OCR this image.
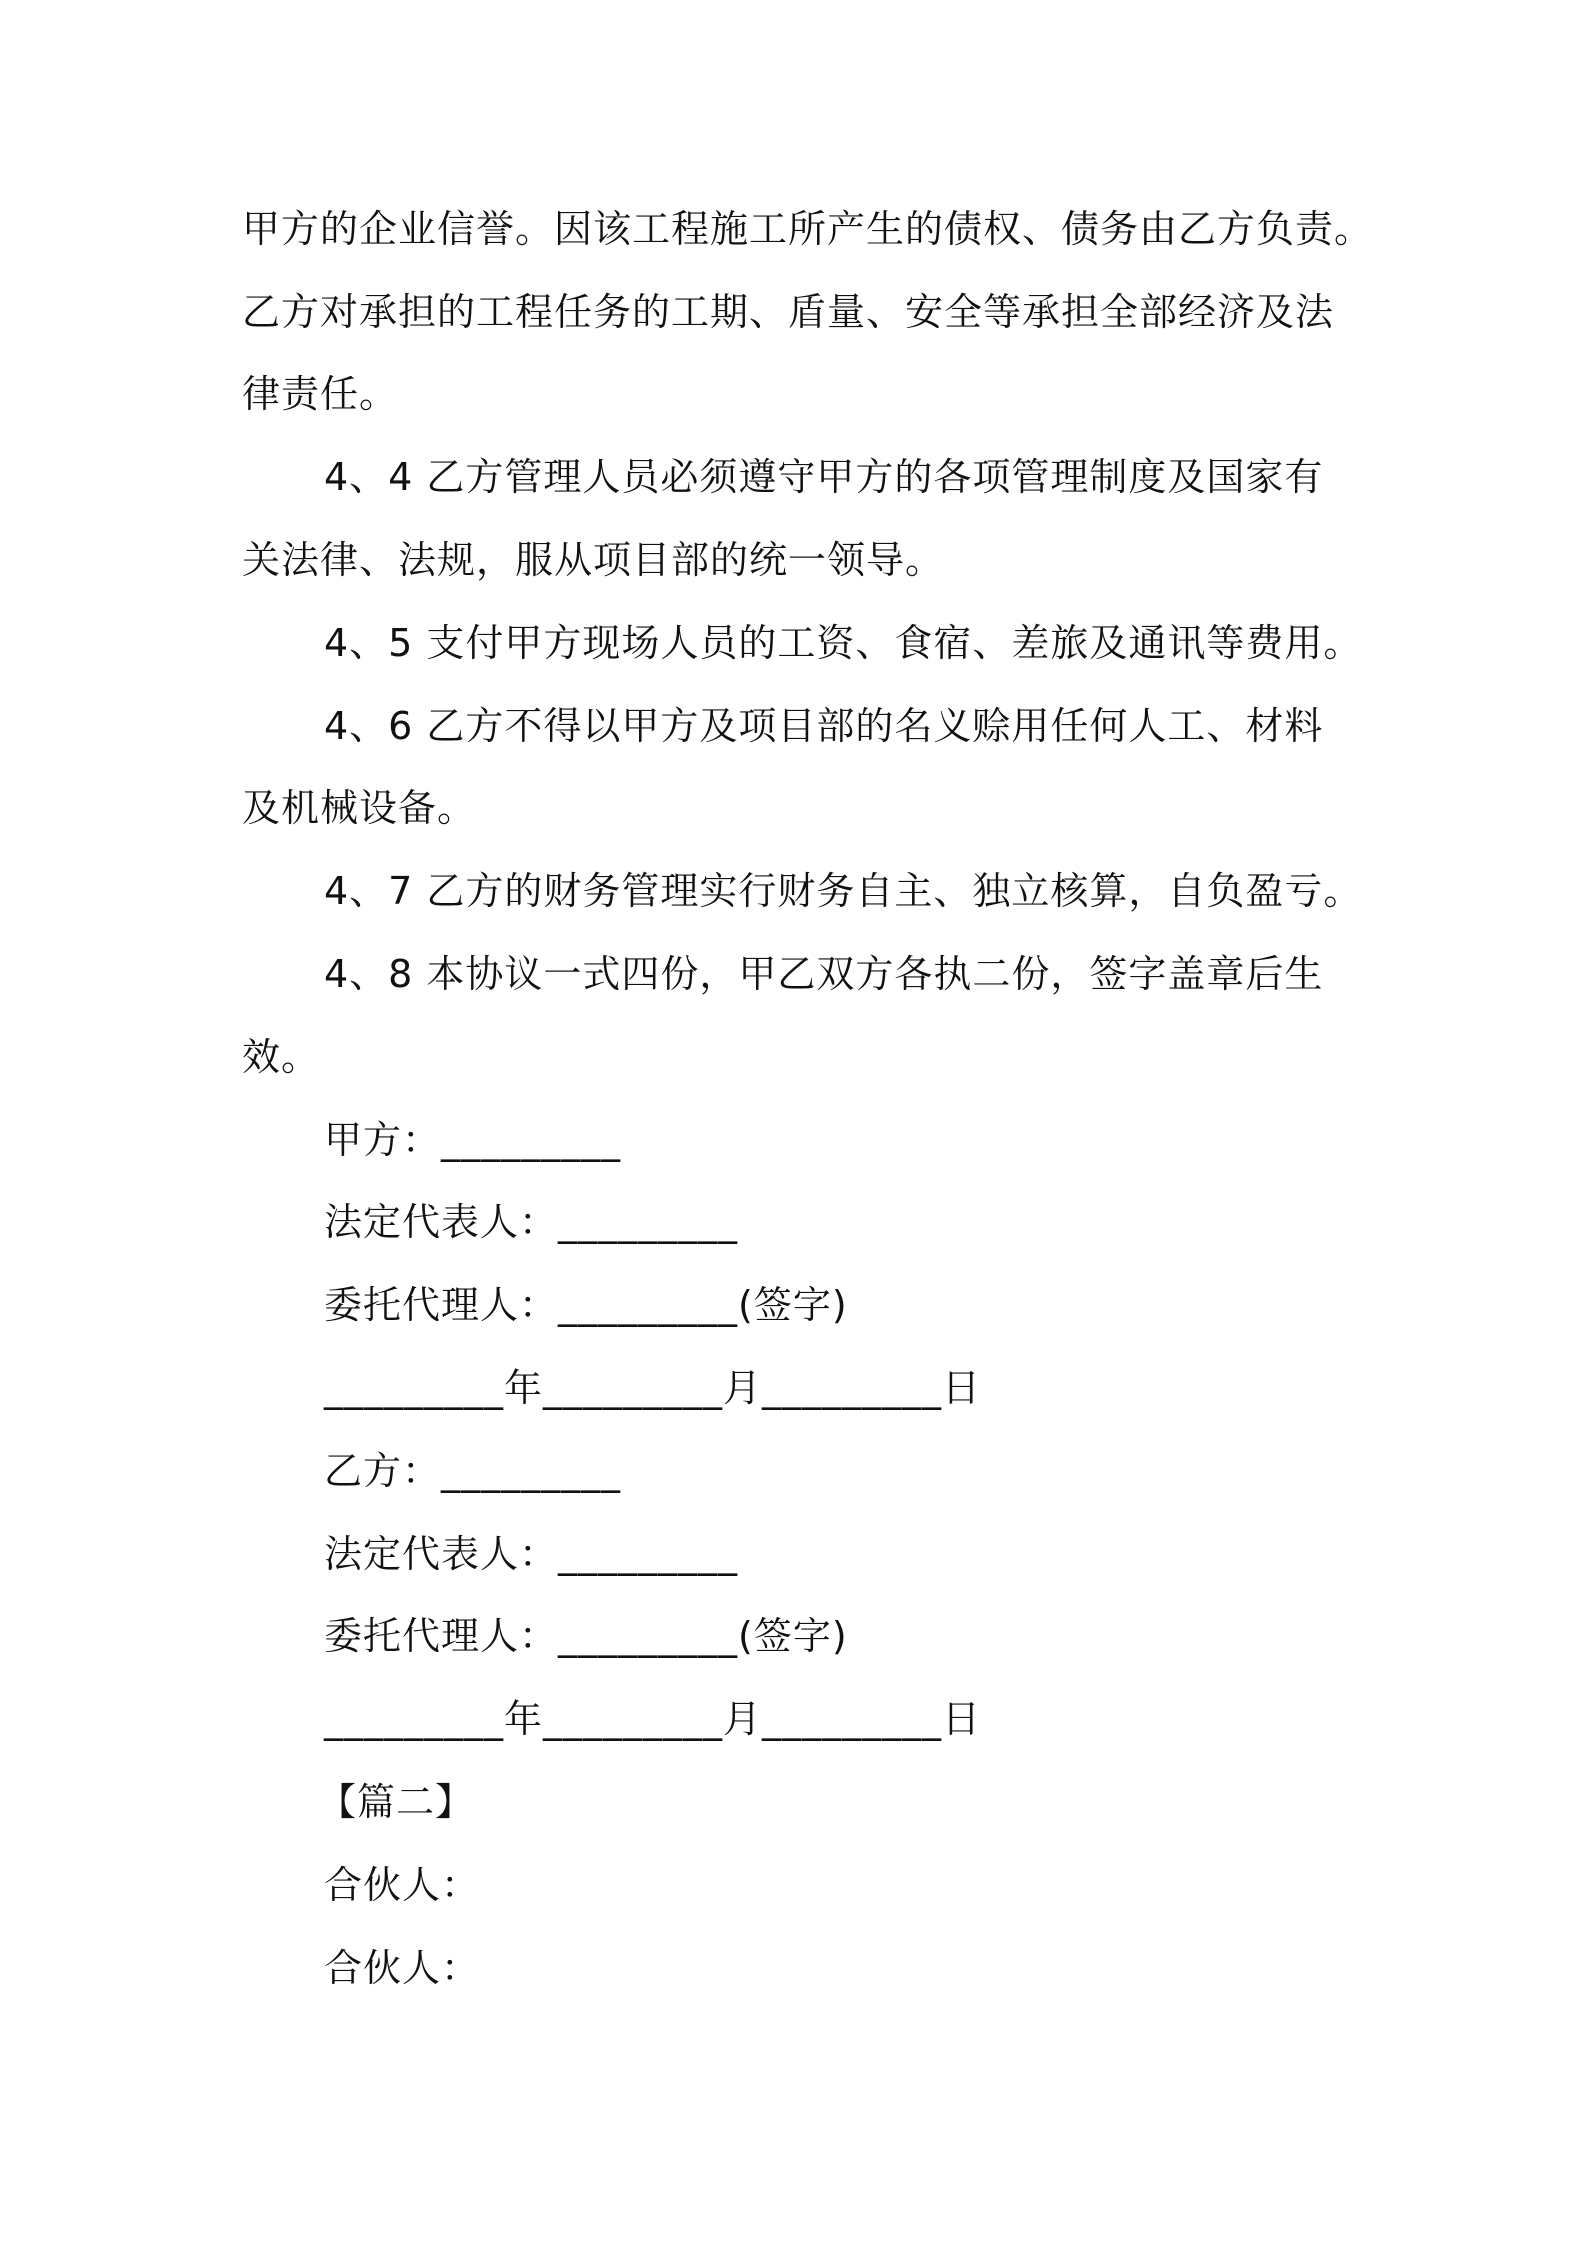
甲方的企业信誉。因该工程施工所产生的债权、债务由乙方负责。
乙方对承担的工程任务的工期、盾量、安全等承担全部经济及法
律责任。
4、4 乙方管理人员必须遵守甲方的各项管理制度及国家有
关法律、法规，服从项目部的统一领导。
4、5 支付甲方现场人员的工资、食宿、差旅及通讯等费用。
4、6 乙方不得以甲方及项目部的名义赊用任何人工、材料
及机械设备。
4、7 乙方的财务管理实行财务自主、独立核算，自负盈亏。
4、8 本协议一式四份，甲乙双方各执二份，签字盖章后生
效。
甲方：_________
法定代表人：_________
委托代理人：_________(签字)
_________年_________月_________日
乙方：_________
法定代表人：_________
委托代理人：_________(签字)
_________年_________月_________日
【篇二】
合伙人：
合伙人：
